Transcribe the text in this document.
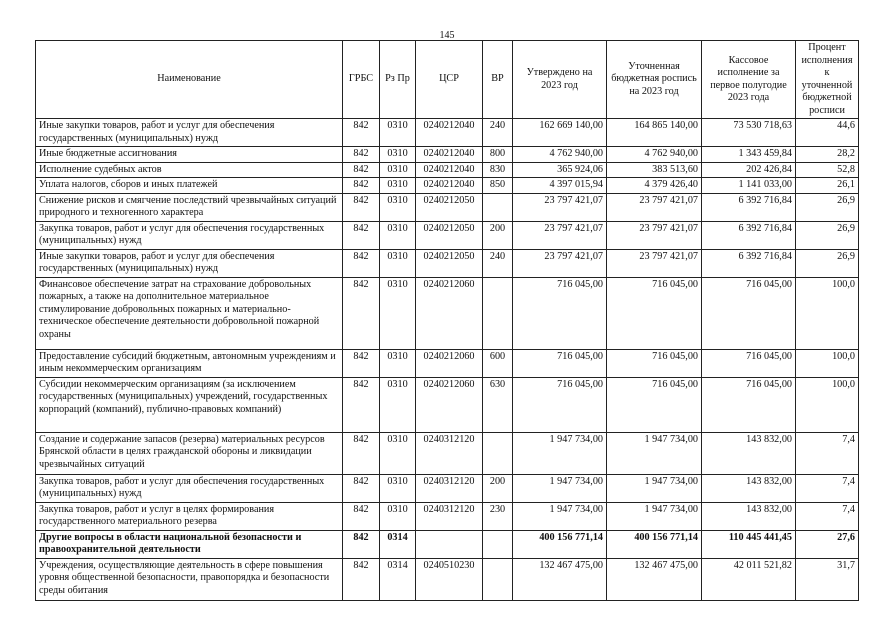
145
Наименование	ГРБС	Рз Пр	ЦСР	ВР	Утверждено на 2023 год	Уточненная бюджетная роспись на 2023 год	Кассовое исполнение за первое полугодие 2023 года	Процент исполнения к уточненной бюджетной росписи
Иные закупки товаров, работ и услуг для обеспечения государственных (муниципальных) нужд	842	0310	0240212040	240	162 669 140,00	164 865 140,00	73 530 718,63	44,6
Иные бюджетные ассигнования	842	0310	0240212040	800	4 762 940,00	4 762 940,00	1 343 459,84	28,2
Исполнение судебных актов	842	0310	0240212040	830	365 924,06	383 513,60	202 426,84	52,8
Уплата налогов, сборов и иных платежей	842	0310	0240212040	850	4 397 015,94	4 379 426,40	1 141 033,00	26,1
Снижение рисков и смягчение последствий чрезвычайных ситуаций природного и техногенного характера	842	0310	0240212050		23 797 421,07	23 797 421,07	6 392 716,84	26,9
Закупка товаров, работ и услуг для обеспечения государственных (муниципальных) нужд	842	0310	0240212050	200	23 797 421,07	23 797 421,07	6 392 716,84	26,9
Иные закупки товаров, работ и услуг для обеспечения государственных (муниципальных) нужд	842	0310	0240212050	240	23 797 421,07	23 797 421,07	6 392 716,84	26,9
Финансовое обеспечение затрат на страхование добровольных пожарных, а также на дополнительное материальное стимулирование добровольных пожарных и материально-техническое обеспечение деятельности добровольной пожарной охраны	842	0310	0240212060		716 045,00	716 045,00	716 045,00	100,0
Предоставление субсидий бюджетным, автономным учреждениям и иным некоммерческим организациям	842	0310	0240212060	600	716 045,00	716 045,00	716 045,00	100,0
Субсидии некоммерческим организациям (за исключением государственных (муниципальных) учреждений, государственных корпораций (компаний), публично-правовых компаний)	842	0310	0240212060	630	716 045,00	716 045,00	716 045,00	100,0
Создание и содержание запасов (резерва) материальных ресурсов Брянской области в целях гражданской обороны и ликвидации чрезвычайных ситуаций	842	0310	0240312120		1 947 734,00	1 947 734,00	143 832,00	7,4
Закупка товаров, работ и услуг для обеспечения государственных (муниципальных) нужд	842	0310	0240312120	200	1 947 734,00	1 947 734,00	143 832,00	7,4
Закупка товаров, работ и услуг в целях формирования государственного материального резерва	842	0310	0240312120	230	1 947 734,00	1 947 734,00	143 832,00	7,4
Другие вопросы в области национальной безопасности и правоохранительной деятельности	842	0314			400 156 771,14	400 156 771,14	110 445 441,45	27,6
Учреждения, осуществляющие деятельность в сфере повышения уровня общественной безопасности, правопорядка и безопасности среды обитания	842	0314	0240510230		132 467 475,00	132 467 475,00	42 011 521,82	31,7
